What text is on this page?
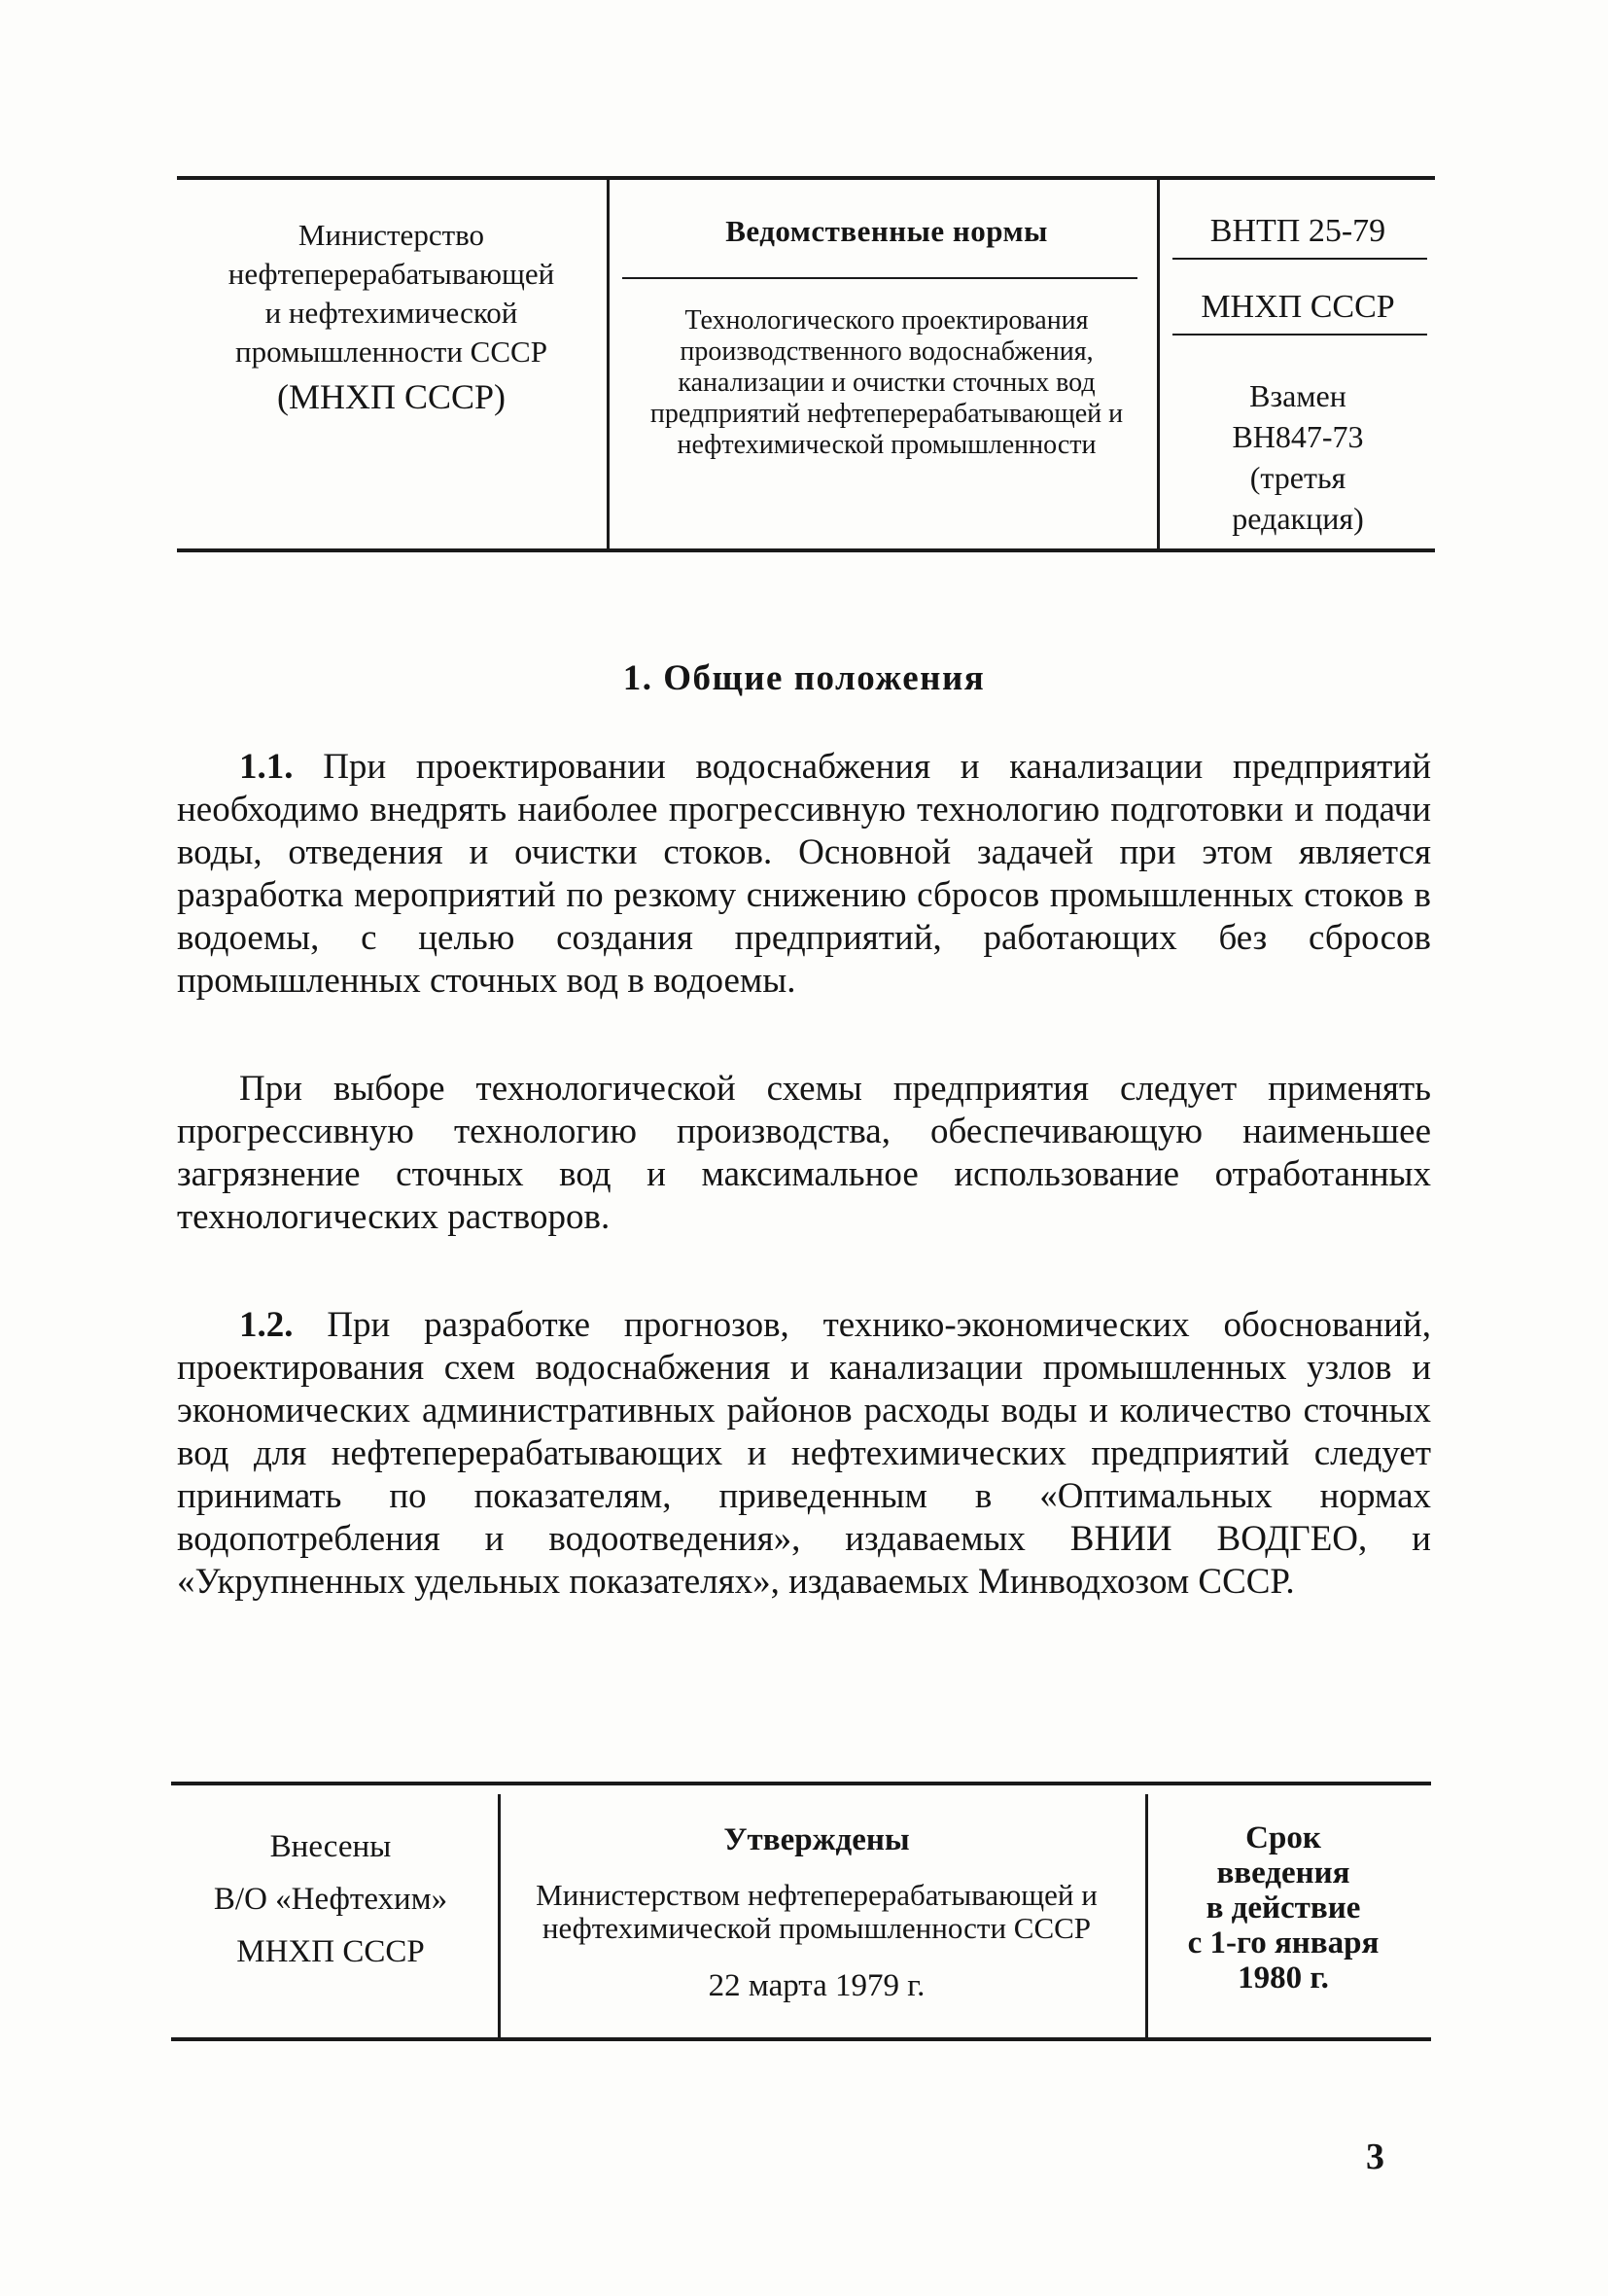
Министерство
нефтеперерабатывающей
и нефтехимической
промышленности СССР
(МНХП СССР)
Ведомственные нормы
Технологического проектирования производственного водоснабжения, канализации и очистки сточных вод предприятий нефтеперерабатывающей и нефтехимической промышленности
ВНТП 25-79
МНХП СССР
Взамен
ВН847-73
(третья
редакция)
1. Общие положения

1.1. При проектировании водоснабжения и канализации предприятий необходимо внедрять наиболее прогрессивную технологию подготовки и подачи воды, отведения и очистки стоков. Основной задачей при этом является разработка мероприятий по резкому снижению сбросов промышленных стоков в водоемы, с целью создания предприятий, работающих без сбросов промышленных сточных вод в водоемы.

При выборе технологической схемы предприятия следует применять прогрессивную технологию производства, обеспечивающую наименьшее загрязнение сточных вод и максимальное использование отработанных технологических растворов.

1.2. При разработке прогнозов, технико-экономических обоснований, проектирования схем водоснабжения и канализации промышленных узлов и экономических административных районов расходы воды и количество сточных вод для нефтеперерабатывающих и нефтехимических предприятий следует принимать по показателям, приведенным в «Оптимальных нормах водопотребления и водоотведения», издаваемых ВНИИ ВОДГЕО, и «Укрупненных удельных показателях», издаваемых Минводхозом СССР.

Внесены
В/О «Нефтехим»
МНХП СССР
Утверждены
Министерством нефтеперерабатывающей и нефтехимической промышленности СССР
22 марта 1979 г.
Срок
введения
в действие
с 1-го января
1980 г.
3
